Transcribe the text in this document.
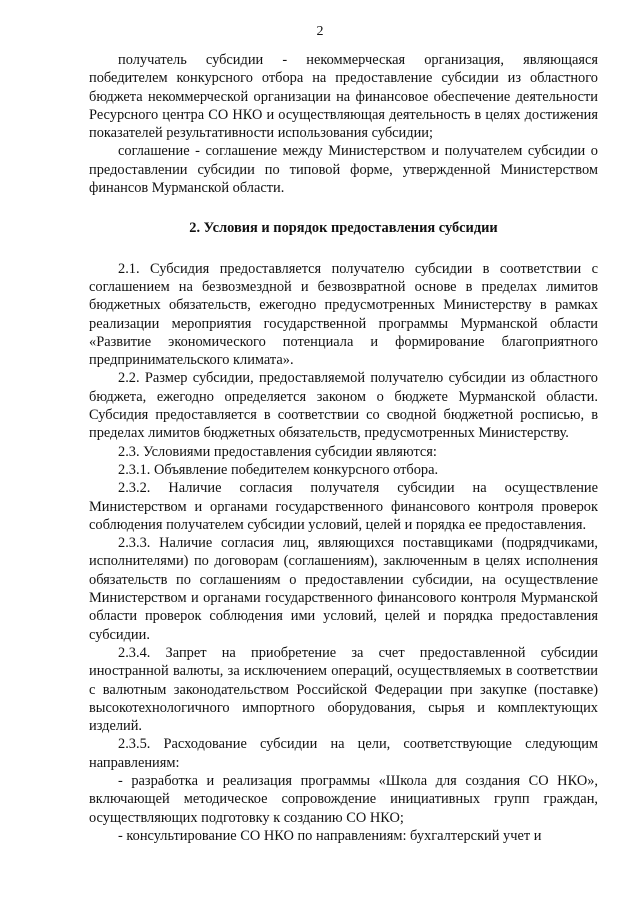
2

получатель субсидии - некоммерческая организация, являющаяся победителем конкурсного отбора на предоставление субсидии из областного бюджета некоммерческой организации на финансовое обеспечение деятельности Ресурсного центра СО НКО и осуществляющая деятельность в целях достижения показателей результативности использования субсидии;

соглашение - соглашение между Министерством и получателем субсидии о предоставлении субсидии по типовой форме, утвержденной Министерством финансов Мурманской области.

2. Условия и порядок предоставления субсидии

2.1. Субсидия предоставляется получателю субсидии в соответствии с соглашением на безвозмездной и безвозвратной основе в пределах лимитов бюджетных обязательств, ежегодно предусмотренных Министерству в рамках реализации мероприятия государственной программы Мурманской области «Развитие экономического потенциала и формирование благоприятного предпринимательского климата».

2.2. Размер субсидии, предоставляемой получателю субсидии из областного бюджета, ежегодно определяется законом о бюджете Мурманской области. Субсидия предоставляется в соответствии со сводной бюджетной росписью, в пределах лимитов бюджетных обязательств, предусмотренных Министерству.

2.3. Условиями предоставления субсидии являются:

2.3.1. Объявление победителем конкурсного отбора.

2.3.2. Наличие согласия получателя субсидии на осуществление Министерством и органами государственного финансового контроля проверок соблюдения получателем субсидии условий, целей и порядка ее предоставления.

2.3.3. Наличие согласия лиц, являющихся поставщиками (подрядчиками, исполнителями) по договорам (соглашениям), заключенным в целях исполнения обязательств по соглашениям о предоставлении субсидии, на осуществление Министерством и органами государственного финансового контроля Мурманской области проверок соблюдения ими условий, целей и порядка предоставления субсидии.

2.3.4. Запрет на приобретение за счет предоставленной субсидии иностранной валюты, за исключением операций, осуществляемых в соответствии с валютным законодательством Российской Федерации при закупке (поставке) высокотехнологичного импортного оборудования, сырья и комплектующих изделий.

2.3.5. Расходование субсидии на цели, соответствующие следующим направлениям:

- разработка и реализация программы «Школа для создания СО НКО», включающей методическое сопровождение инициативных групп граждан, осуществляющих подготовку к созданию СО НКО;

- консультирование СО НКО по направлениям: бухгалтерский учет и
